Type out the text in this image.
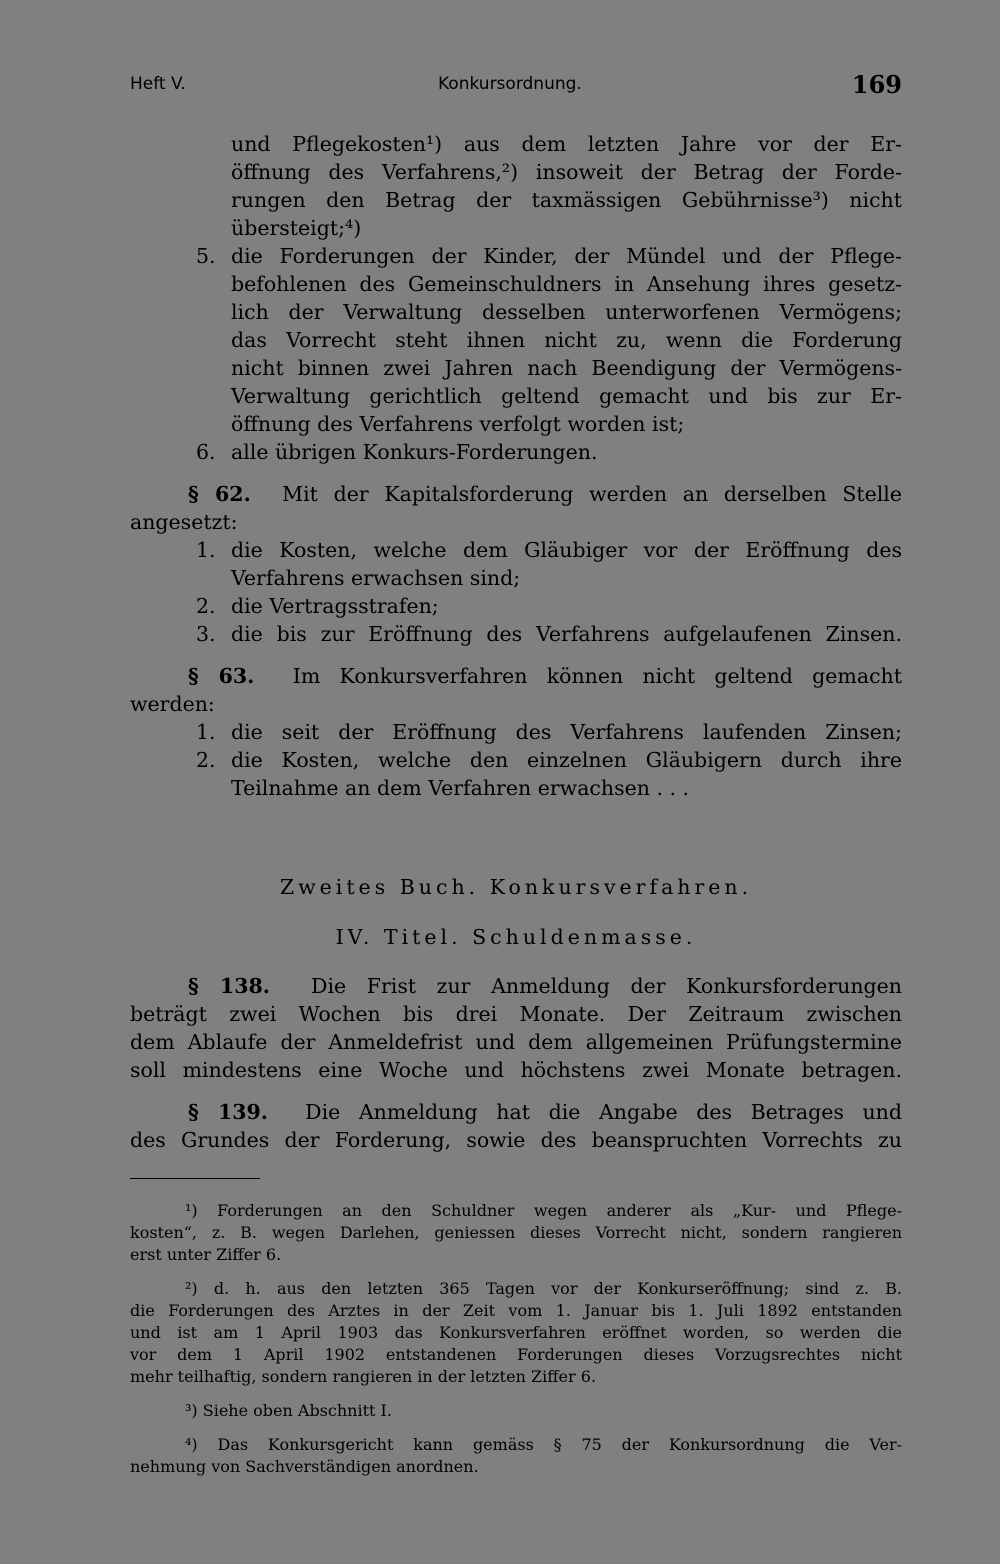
Heft V.	Konkursordnung.	169
und Pflegekosten¹) aus dem letzten Jahre vor der Er-
öffnung des Verfahrens,²) insoweit der Betrag der Forde-
rungen den Betrag der taxmässigen Gebührnisse³) nicht
übersteigt;⁴)
5. die Forderungen der Kinder, der Mündel und der Pflege-
befohlenen des Gemeinschuldners in Ansehung ihres gesetz-
lich der Verwaltung desselben unterworfenen Vermögens;
das Vorrecht steht ihnen nicht zu, wenn die Forderung
nicht binnen zwei Jahren nach Beendigung der Vermögens-
Verwaltung gerichtlich geltend gemacht und bis zur Er-
öffnung des Verfahrens verfolgt worden ist;
6. alle übrigen Konkurs-Forderungen.
§ 62. Mit der Kapitalsforderung werden an derselben Stelle
angesetzt:
1. die Kosten, welche dem Gläubiger vor der Eröffnung des
Verfahrens erwachsen sind;
2. die Vertragsstrafen;
3. die bis zur Eröffnung des Verfahrens aufgelaufenen Zinsen.
§ 63. Im Konkursverfahren können nicht geltend gemacht
werden:
1. die seit der Eröffnung des Verfahrens laufenden Zinsen;
2. die Kosten, welche den einzelnen Gläubigern durch ihre
Teilnahme an dem Verfahren erwachsen . . .
Zweites Buch. Konkursverfahren.
IV. Titel. Schuldenmasse.
§ 138. Die Frist zur Anmeldung der Konkursforderungen
beträgt zwei Wochen bis drei Monate. Der Zeitraum zwischen
dem Ablaufe der Anmeldefrist und dem allgemeinen Prüfungstermine
soll mindestens eine Woche und höchstens zwei Monate betragen.
§ 139. Die Anmeldung hat die Angabe des Betrages und
des Grundes der Forderung, sowie des beanspruchten Vorrechts zu
¹) Forderungen an den Schuldner wegen anderer als „Kur- und Pflege-
kosten“, z. B. wegen Darlehen, geniessen dieses Vorrecht nicht, sondern rangieren
erst unter Ziffer 6.
²) d. h. aus den letzten 365 Tagen vor der Konkurseröffnung; sind z. B.
die Forderungen des Arztes in der Zeit vom 1. Januar bis 1. Juli 1892 entstanden
und ist am 1 April 1903 das Konkursverfahren eröffnet worden, so werden die
vor dem 1 April 1902 entstandenen Forderungen dieses Vorzugsrechtes nicht
mehr teilhaftig, sondern rangieren in der letzten Ziffer 6.
³) Siehe oben Abschnitt I.
⁴) Das Konkursgericht kann gemäss § 75 der Konkursordnung die Ver-
nehmung von Sachverständigen anordnen.
